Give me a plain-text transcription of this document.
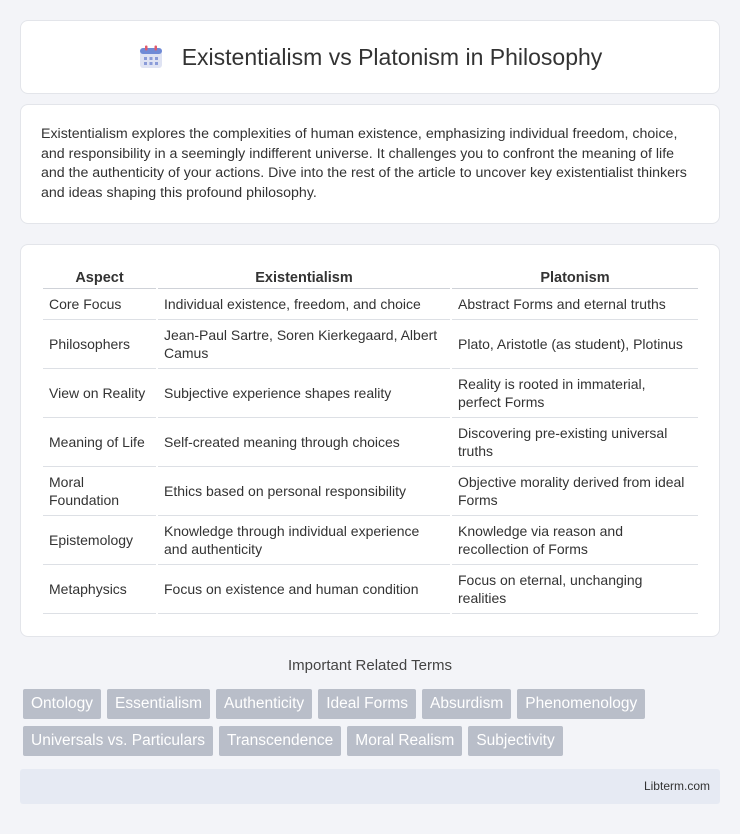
Existentialism vs Platonism in Philosophy

Existentialism explores the complexities of human existence, emphasizing individual freedom, choice, and responsibility in a seemingly indifferent universe. It challenges you to confront the meaning of life and the authenticity of your actions. Dive into the rest of the article to uncover key existentialist thinkers and ideas shaping this profound philosophy.

Aspect	Existentialism	Platonism
Core Focus	Individual existence, freedom, and choice	Abstract Forms and eternal truths
Philosophers	Jean-Paul Sartre, Soren Kierkegaard, Albert Camus	Plato, Aristotle (as student), Plotinus
View on Reality	Subjective experience shapes reality	Reality is rooted in immaterial, perfect Forms
Meaning of Life	Self-created meaning through choices	Discovering pre-existing universal truths
Moral Foundation	Ethics based on personal responsibility	Objective morality derived from ideal Forms
Epistemology	Knowledge through individual experience and authenticity	Knowledge via reason and recollection of Forms
Metaphysics	Focus on existence and human condition	Focus on eternal, unchanging realities
Important Related Terms
Ontology	Essentialism	Authenticity	Ideal Forms	Absurdism	Phenomenology
Universals vs. Particulars	Transcendence	Moral Realism	Subjectivity
Libterm.com
